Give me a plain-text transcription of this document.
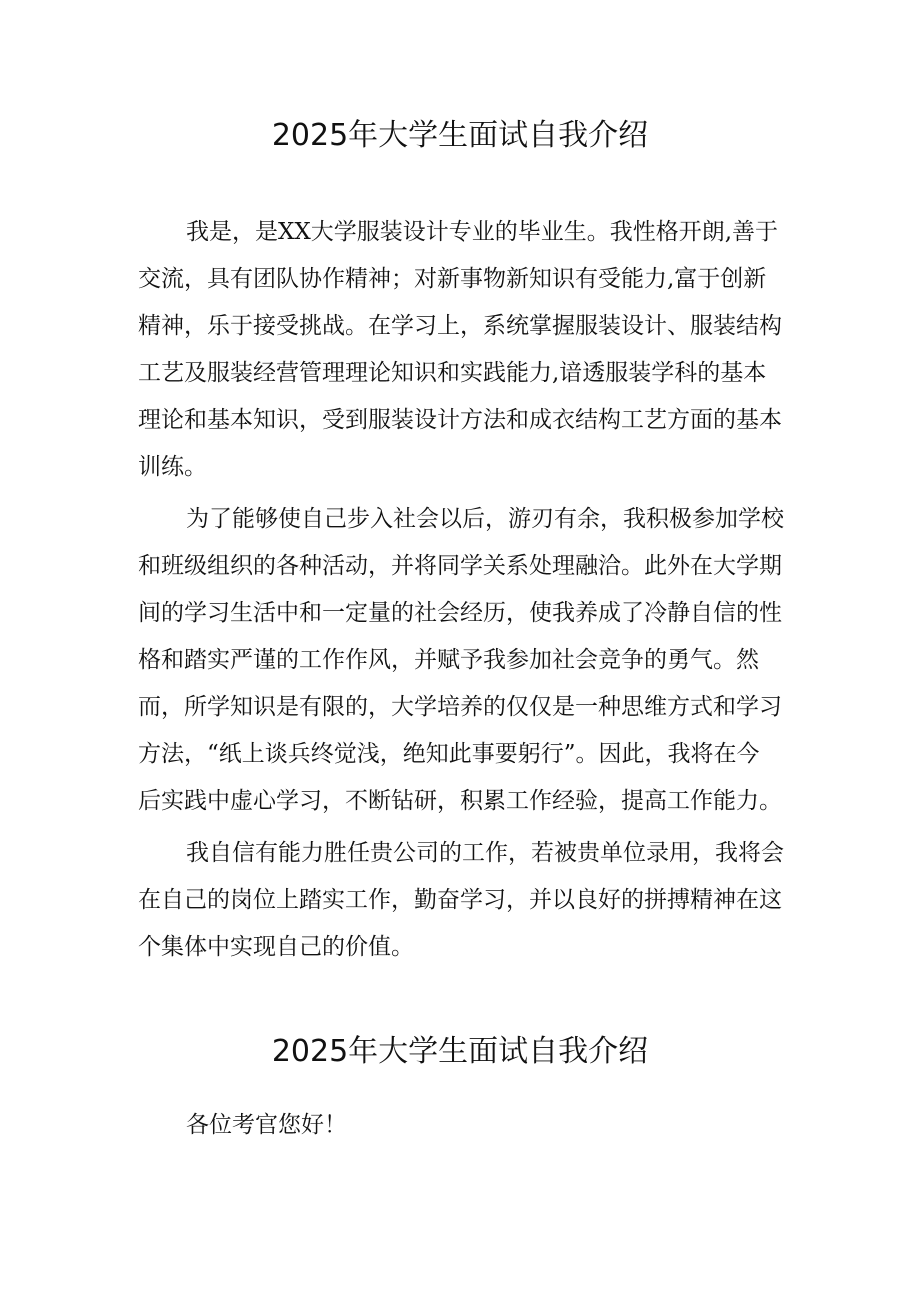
2025年大学生面试自我介绍
我是，是XX大学服装设计专业的毕业生。我性格开朗,善于
交流，具有团队协作精神；对新事物新知识有受能力,富于创新
精神，乐于接受挑战。在学习上，系统掌握服装设计、服装结构
工艺及服装经营管理理论知识和实践能力,谙透服装学科的基本
理论和基本知识，受到服装设计方法和成衣结构工艺方面的基本
训练。
为了能够使自己步入社会以后，游刃有余，我积极参加学校
和班级组织的各种活动，并将同学关系处理融洽。此外在大学期
间的学习生活中和一定量的社会经历，使我养成了冷静自信的性
格和踏实严谨的工作作风，并赋予我参加社会竞争的勇气。然
而，所学知识是有限的，大学培养的仅仅是一种思维方式和学习
方法，“纸上谈兵终觉浅，绝知此事要躬行”。因此，我将在今
后实践中虚心学习，不断钻研，积累工作经验，提高工作能力。
我自信有能力胜任贵公司的工作，若被贵单位录用，我将会
在自己的岗位上踏实工作，勤奋学习，并以良好的拼搏精神在这
个集体中实现自己的价值。
2025年大学生面试自我介绍
各位考官您好！
